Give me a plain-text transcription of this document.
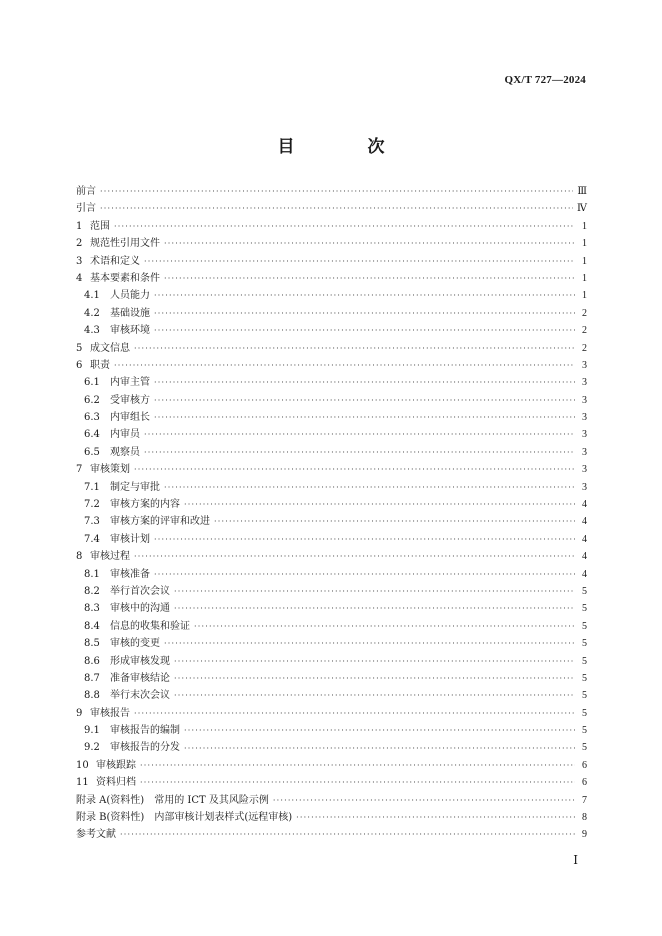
QX/T 727—2024
目　次
前言 ·····	Ⅲ
引言 ·····	Ⅳ
1 范围 ·····	1
2 规范性引用文件 ·····	1
3 术语和定义 ·····	1
4 基本要素和条件 ·····	1
4.1	人员能力 ·····	1
4.2	基础设施 ·····	2
4.3	审核环境 ·····	2
5 成文信息 ·····	2
6 职责 ·····	3
6.1	内审主管 ·····	3
6.2	受审核方 ·····	3
6.3	内审组长 ·····	3
6.4	内审员 ·····	3
6.5	观察员 ·····	3
7 审核策划 ·····	3
7.1	制定与审批 ·····	3
7.2	审核方案的内容 ·····	4
7.3	审核方案的评审和改进 ·····	4
7.4	审核计划 ·····	4
8 审核过程 ·····	4
8.1	审核准备 ·····	4
8.2	举行首次会议 ·····	5
8.3	审核中的沟通 ·····	5
8.4	信息的收集和验证 ·····	5
8.5	审核的变更 ·····	5
8.6	形成审核发现 ·····	5
8.7	准备审核结论 ·····	5
8.8	举行末次会议 ·····	5
9 审核报告 ·····	5
9.1	审核报告的编制 ·····	5
9.2	审核报告的分发 ·····	5
10 审核跟踪 ·····	6
11 资料归档 ·····	6
附录 A(资料性)　常用的 ICT 及其风险示例 ·····	7
附录 B(资料性)　内部审核计划表样式(远程审核) ·····	8
参考文献 ·····	9
Ⅰ
